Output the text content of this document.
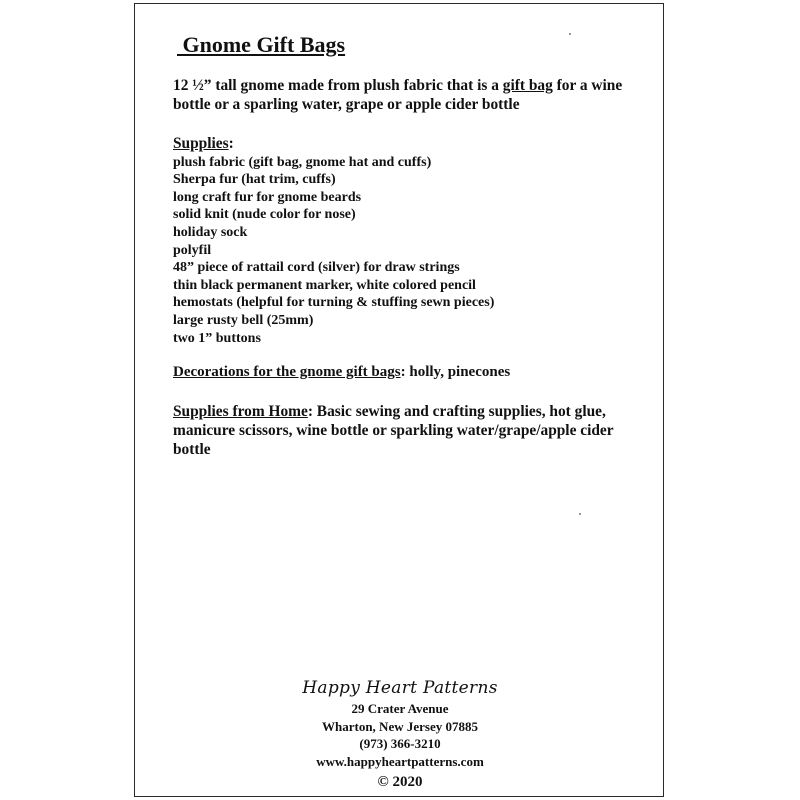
Gnome Gift Bags

12 ½” tall gnome made from plush fabric that is a gift bag for a wine bottle or a sparling water, grape or apple cider bottle

Supplies:
plush fabric (gift bag, gnome hat and cuffs)
Sherpa fur (hat trim, cuffs)
long craft fur for gnome beards
solid knit (nude color for nose)
holiday sock
polyfil
48” piece of rattail cord (silver) for draw strings
thin black permanent marker, white colored pencil
hemostats (helpful for turning & stuffing sewn pieces)
large rusty bell (25mm)
two 1” buttons

Decorations for the gnome gift bags: holly, pinecones

Supplies from Home: Basic sewing and crafting supplies, hot glue, manicure scissors, wine bottle or sparkling water/grape/apple cider bottle

Happy Heart Patterns
29 Crater Avenue
Wharton, New Jersey 07885
(973) 366-3210
www.happyheartpatterns.com
© 2020
